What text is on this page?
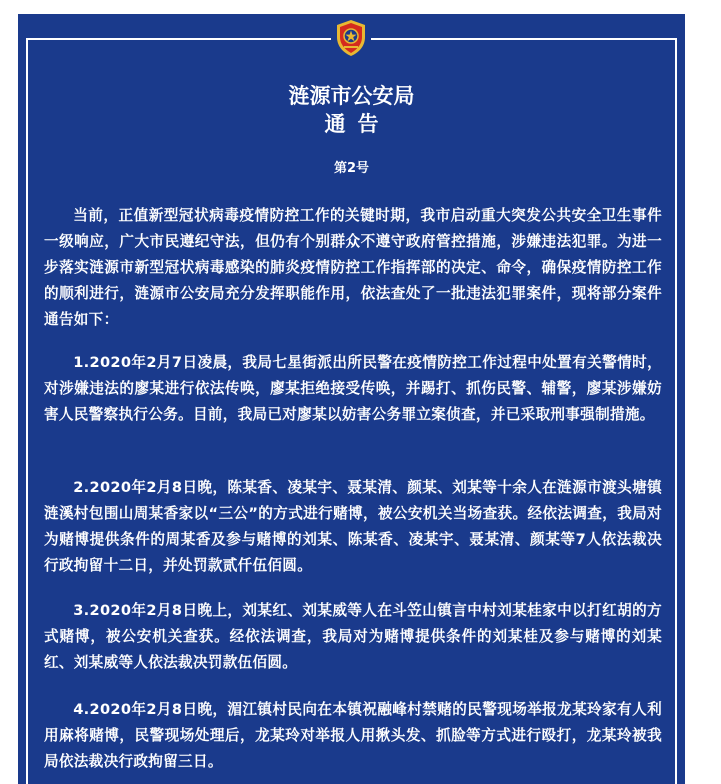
涟源市公安局
通告
第2号

当前，正值新型冠状病毒疫情防控工作的关键时期，我市启动重大突发公共安全卫生事件一级响应，广大市民遵纪守法，但仍有个别群众不遵守政府管控措施，涉嫌违法犯罪。为进一步落实涟源市新型冠状病毒感染的肺炎疫情防控工作指挥部的决定、命令，确保疫情防控工作的顺利进行，涟源市公安局充分发挥职能作用，依法查处了一批违法犯罪案件，现将部分案件通告如下：

1.2020年2月7日凌晨，我局七星街派出所民警在疫情防控工作过程中处置有关警情时，对涉嫌违法的廖某进行依法传唤，廖某拒绝接受传唤，并踢打、抓伤民警、辅警，廖某涉嫌妨害人民警察执行公务。目前，我局已对廖某以妨害公务罪立案侦查，并已采取刑事强制措施。

2.2020年2月8日晚，陈某香、凌某宇、聂某清、颜某、刘某等十余人在涟源市渡头塘镇涟溪村包围山周某香家以“三公”的方式进行赌博，被公安机关当场查获。经依法调查，我局对为赌博提供条件的周某香及参与赌博的刘某、陈某香、凌某宇、聂某清、颜某等7人依法裁决行政拘留十二日，并处罚款贰仟伍佰圆。

3.2020年2月8日晚上，刘某红、刘某威等人在斗笠山镇言中村刘某桂家中以打红胡的方式赌博，被公安机关查获。经依法调查，我局对为赌博提供条件的刘某桂及参与赌博的刘某红、刘某威等人依法裁决罚款伍佰圆。

4.2020年2月8日晚，湄江镇村民向在本镇祝融峰村禁赌的民警现场举报龙某玲家有人利用麻将赌博，民警现场处理后，龙某玲对举报人用揪头发、抓脸等方式进行殴打，龙某玲被我局依法裁决行政拘留三日。
